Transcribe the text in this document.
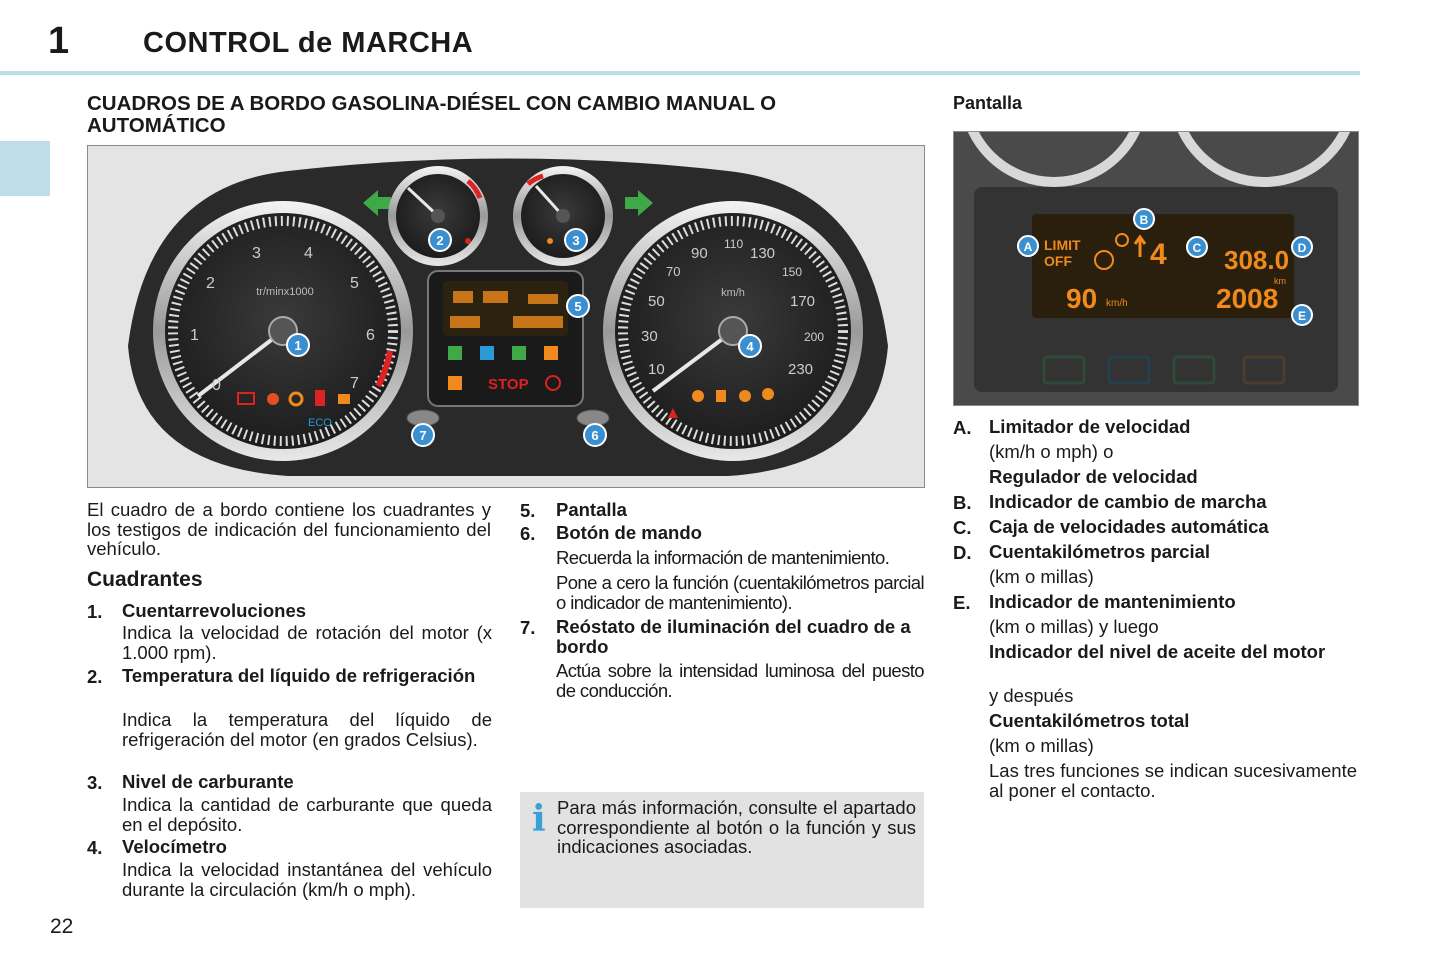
1	CONTROL de MARCHA
CUADROS DE A BORDO GASOLINA-DIÉSEL CON CAMBIO MANUAL O AUTOMÁTICO
Pantalla
tr/minx1000
0
1
2
3	4
5
6
7
ECO
STOP
km/h
10
30
50
70
90
110
130
150
170
200
230
1
2	3
4
5
6
7
LIMIT
OFF	4 308.0
km
90 km/h	2008
A
B
C	D
E
El cuadro de a bordo contiene los cuadrantes y los testigos de indicación del funcionamiento del vehículo.
Cuadrantes
1. Cuentarrevoluciones
Indica la velocidad de rotación del motor (x 1.000 rpm).
2. Temperatura del líquido de refrigeración
Indica la temperatura del líquido de refrigeración del motor (en grados Celsius).
3. Nivel de carburante
Indica la cantidad de carburante que queda en el depósito.
4. Velocímetro
Indica la velocidad instantánea del vehículo durante la circulación (km/h o mph).
5. Pantalla
6. Botón de mando
Recuerda la información de mantenimiento.
Pone a cero la función (cuentakilómetros parcial o indicador de mantenimiento).
7. Reóstato de iluminación del cuadro de a bordo
Actúa sobre la intensidad luminosa del puesto de conducción.
i Para más información, consulte el apartado correspondiente al botón o la función y sus indicaciones asociadas.
A. Limitador de velocidad
(km/h o mph) o
Regulador de velocidad
B. Indicador de cambio de marcha
C. Caja de velocidades automática
D. Cuentakilómetros parcial
(km o millas)
E. Indicador de mantenimiento
(km o millas) y luego
Indicador del nivel de aceite del motor
y después
Cuentakilómetros total
(km o millas)
Las tres funciones se indican sucesivamente al poner el contacto.
22
